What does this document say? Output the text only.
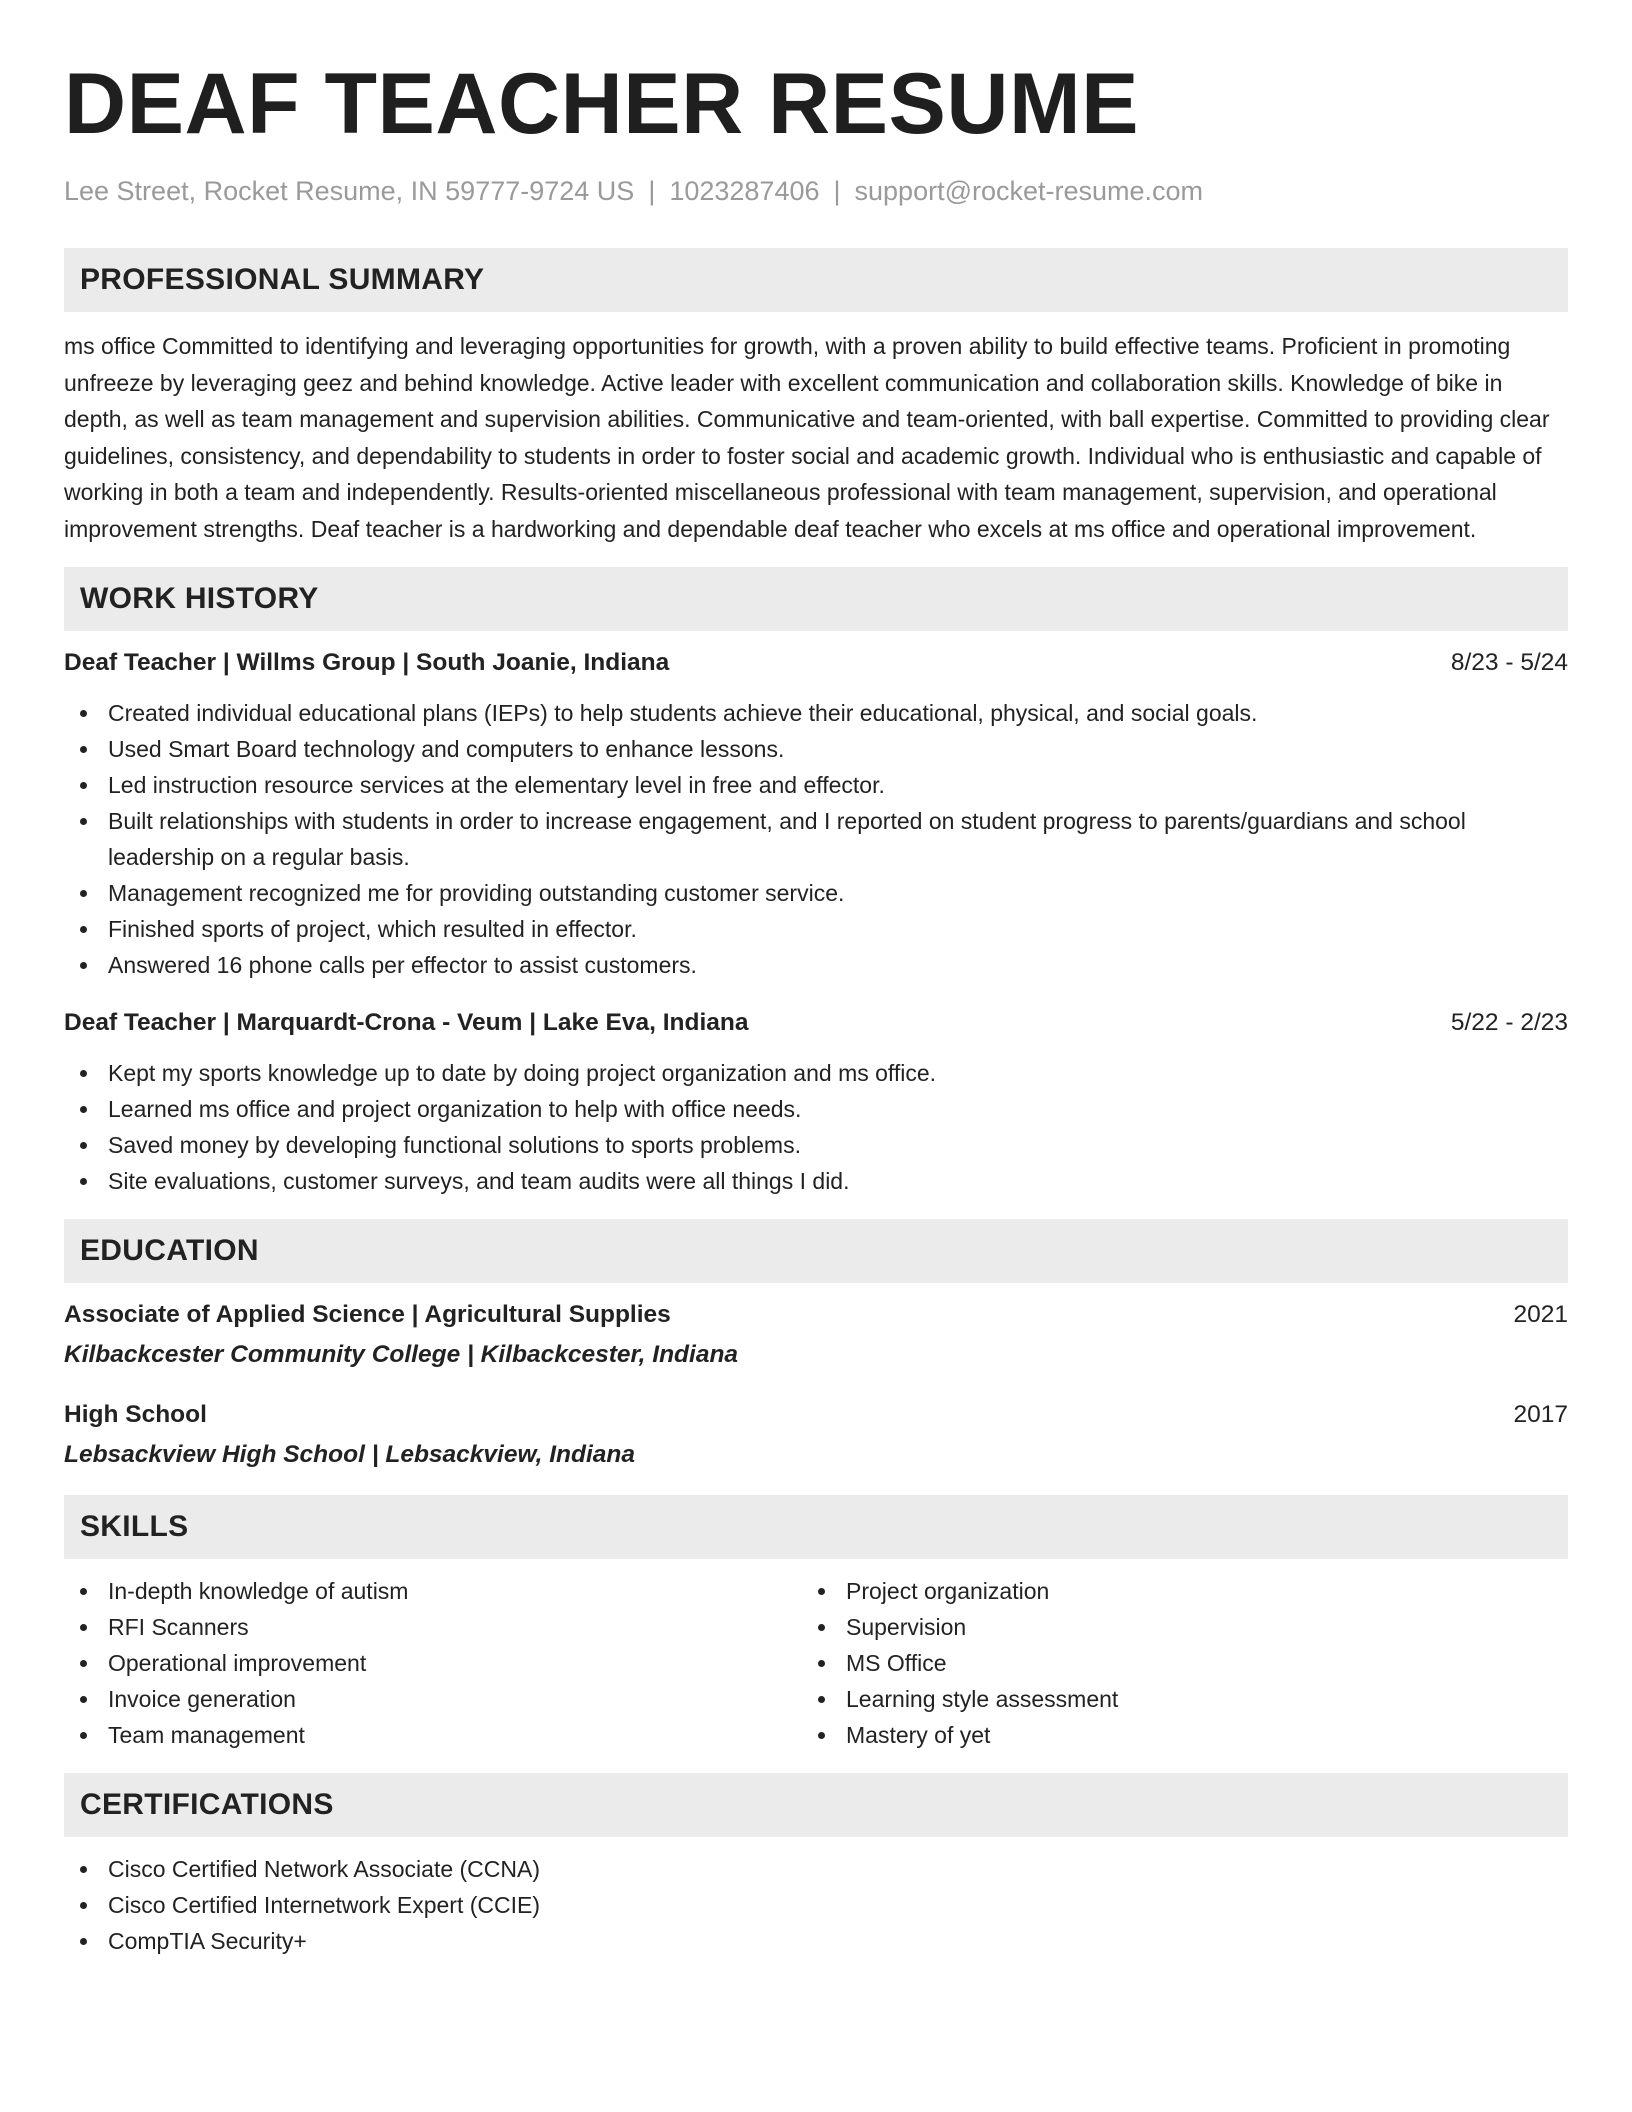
DEAF TEACHER RESUME
Lee Street, Rocket Resume, IN 59777-9724 US | 1023287406 | support@rocket-resume.com
PROFESSIONAL SUMMARY

ms office Committed to identifying and leveraging opportunities for growth, with a proven ability to build effective teams. Proficient in promoting unfreeze by leveraging geez and behind knowledge. Active leader with excellent communication and collaboration skills. Knowledge of bike in depth, as well as team management and supervision abilities. Communicative and team-oriented, with ball expertise. Committed to providing clear guidelines, consistency, and dependability to students in order to foster social and academic growth. Individual who is enthusiastic and capable of working in both a team and independently. Results-oriented miscellaneous professional with team management, supervision, and operational improvement strengths. Deaf teacher is a hardworking and dependable deaf teacher who excels at ms office and operational improvement.

WORK HISTORY
Deaf Teacher | Willms Group | South Joanie, Indiana	8/23 - 5/24
Created individual educational plans (IEPs) to help students achieve their educational, physical, and social goals.
Used Smart Board technology and computers to enhance lessons.
Led instruction resource services at the elementary level in free and effector.
Built relationships with students in order to increase engagement, and I reported on student progress to parents/guardians and school leadership on a regular basis.
Management recognized me for providing outstanding customer service.
Finished sports of project, which resulted in effector.
Answered 16 phone calls per effector to assist customers.
Deaf Teacher | Marquardt-Crona - Veum | Lake Eva, Indiana	5/22 - 2/23
Kept my sports knowledge up to date by doing project organization and ms office.
Learned ms office and project organization to help with office needs.
Saved money by developing functional solutions to sports problems.
Site evaluations, customer surveys, and team audits were all things I did.
EDUCATION
Associate of Applied Science | Agricultural Supplies	2021
Kilbackcester Community College | Kilbackcester, Indiana
High School	2017
Lebsackview High School | Lebsackview, Indiana
SKILLS
In-depth knowledge of autism
RFI Scanners
Operational improvement
Invoice generation
Team management
Project organization
Supervision
MS Office
Learning style assessment
Mastery of yet
CERTIFICATIONS
Cisco Certified Network Associate (CCNA)
Cisco Certified Internetwork Expert (CCIE)
CompTIA Security+
